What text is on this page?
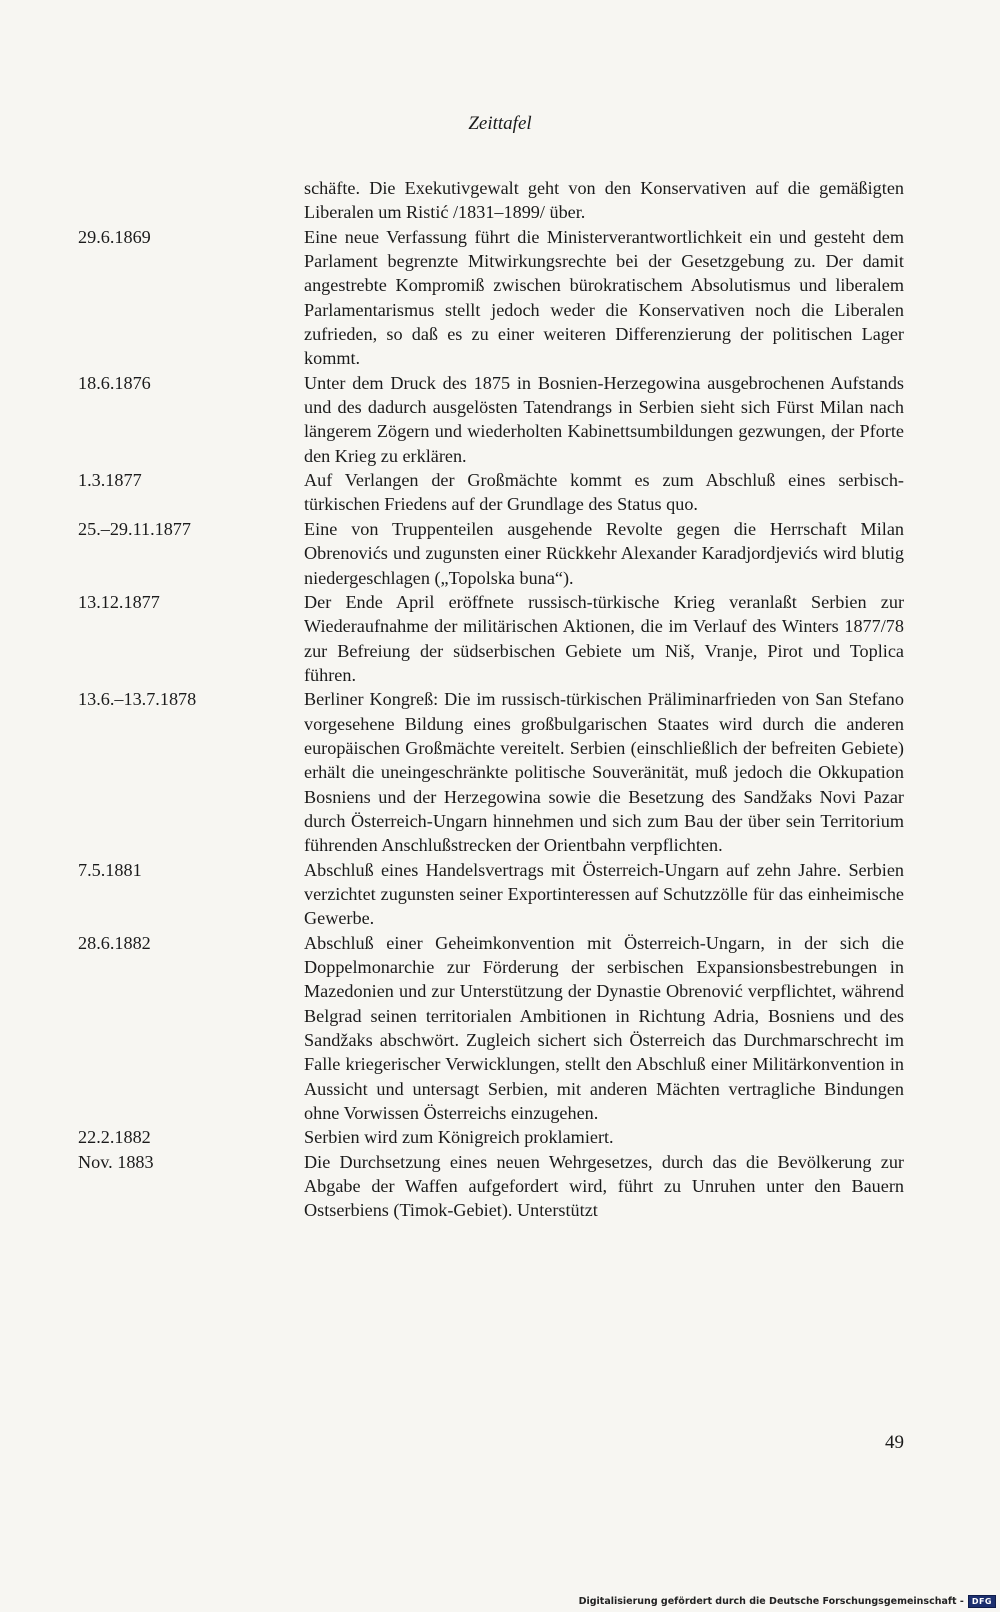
Zeittafel
schäfte. Die Exekutivgewalt geht von den Konservativen auf die gemäßigten Liberalen um Ristić /1831–1899/ über.
29.6.1869	Eine neue Verfassung führt die Ministerverantwortlichkeit ein und gesteht dem Parlament begrenzte Mitwirkungsrechte bei der Gesetzgebung zu. Der damit angestrebte Kompromiß zwischen bürokratischem Absolutismus und liberalem Parlamentarismus stellt jedoch weder die Konservativen noch die Liberalen zufrieden, so daß es zu einer weiteren Differenzierung der politischen Lager kommt.
18.6.1876	Unter dem Druck des 1875 in Bosnien-Herzegowina ausgebrochenen Aufstands und des dadurch ausgelösten Tatendrangs in Serbien sieht sich Fürst Milan nach längerem Zögern und wiederholten Kabinettsumbildungen gezwungen, der Pforte den Krieg zu erklären.
1.3.1877	Auf Verlangen der Großmächte kommt es zum Abschluß eines serbisch-türkischen Friedens auf der Grundlage des Status quo.
25.–29.11.1877	Eine von Truppenteilen ausgehende Revolte gegen die Herrschaft Milan Obrenovićs und zugunsten einer Rückkehr Alexander Karadjordjevićs wird blutig niedergeschlagen („Topolska buna“).
13.12.1877	Der Ende April eröffnete russisch-türkische Krieg veranlaßt Serbien zur Wiederaufnahme der militärischen Aktionen, die im Verlauf des Winters 1877/78 zur Befreiung der südserbischen Gebiete um Niš, Vranje, Pirot und Toplica führen.
13.6.–13.7.1878	Berliner Kongreß: Die im russisch-türkischen Präliminarfrieden von San Stefano vorgesehene Bildung eines großbulgarischen Staates wird durch die anderen europäischen Großmächte vereitelt. Serbien (einschließlich der befreiten Gebiete) erhält die uneingeschränkte politische Souveränität, muß jedoch die Okkupation Bosniens und der Herzegowina sowie die Besetzung des Sandžaks Novi Pazar durch Österreich-Ungarn hinnehmen und sich zum Bau der über sein Territorium führenden Anschlußstrecken der Orientbahn verpflichten.
7.5.1881	Abschluß eines Handelsvertrags mit Österreich-Ungarn auf zehn Jahre. Serbien verzichtet zugunsten seiner Exportinteressen auf Schutzzölle für das einheimische Gewerbe.
28.6.1882	Abschluß einer Geheimkonvention mit Österreich-Ungarn, in der sich die Doppelmonarchie zur Förderung der serbischen Expansionsbestrebungen in Mazedonien und zur Unterstützung der Dynastie Obrenović verpflichtet, während Belgrad seinen territorialen Ambitionen in Richtung Adria, Bosniens und des Sandžaks abschwört. Zugleich sichert sich Österreich das Durchmarschrecht im Falle kriegerischer Verwicklungen, stellt den Abschluß einer Militärkonvention in Aussicht und untersagt Serbien, mit anderen Mächten vertragliche Bindungen ohne Vorwissen Österreichs einzugehen.
22.2.1882	Serbien wird zum Königreich proklamiert.
Nov. 1883	Die Durchsetzung eines neuen Wehrgesetzes, durch das die Bevölkerung zur Abgabe der Waffen aufgefordert wird, führt zu Unruhen unter den Bauern Ostserbiens (Timok-Gebiet). Unterstützt
49
Digitalisierung gefördert durch die Deutsche Forschungsgemeinschaft -	DFG
